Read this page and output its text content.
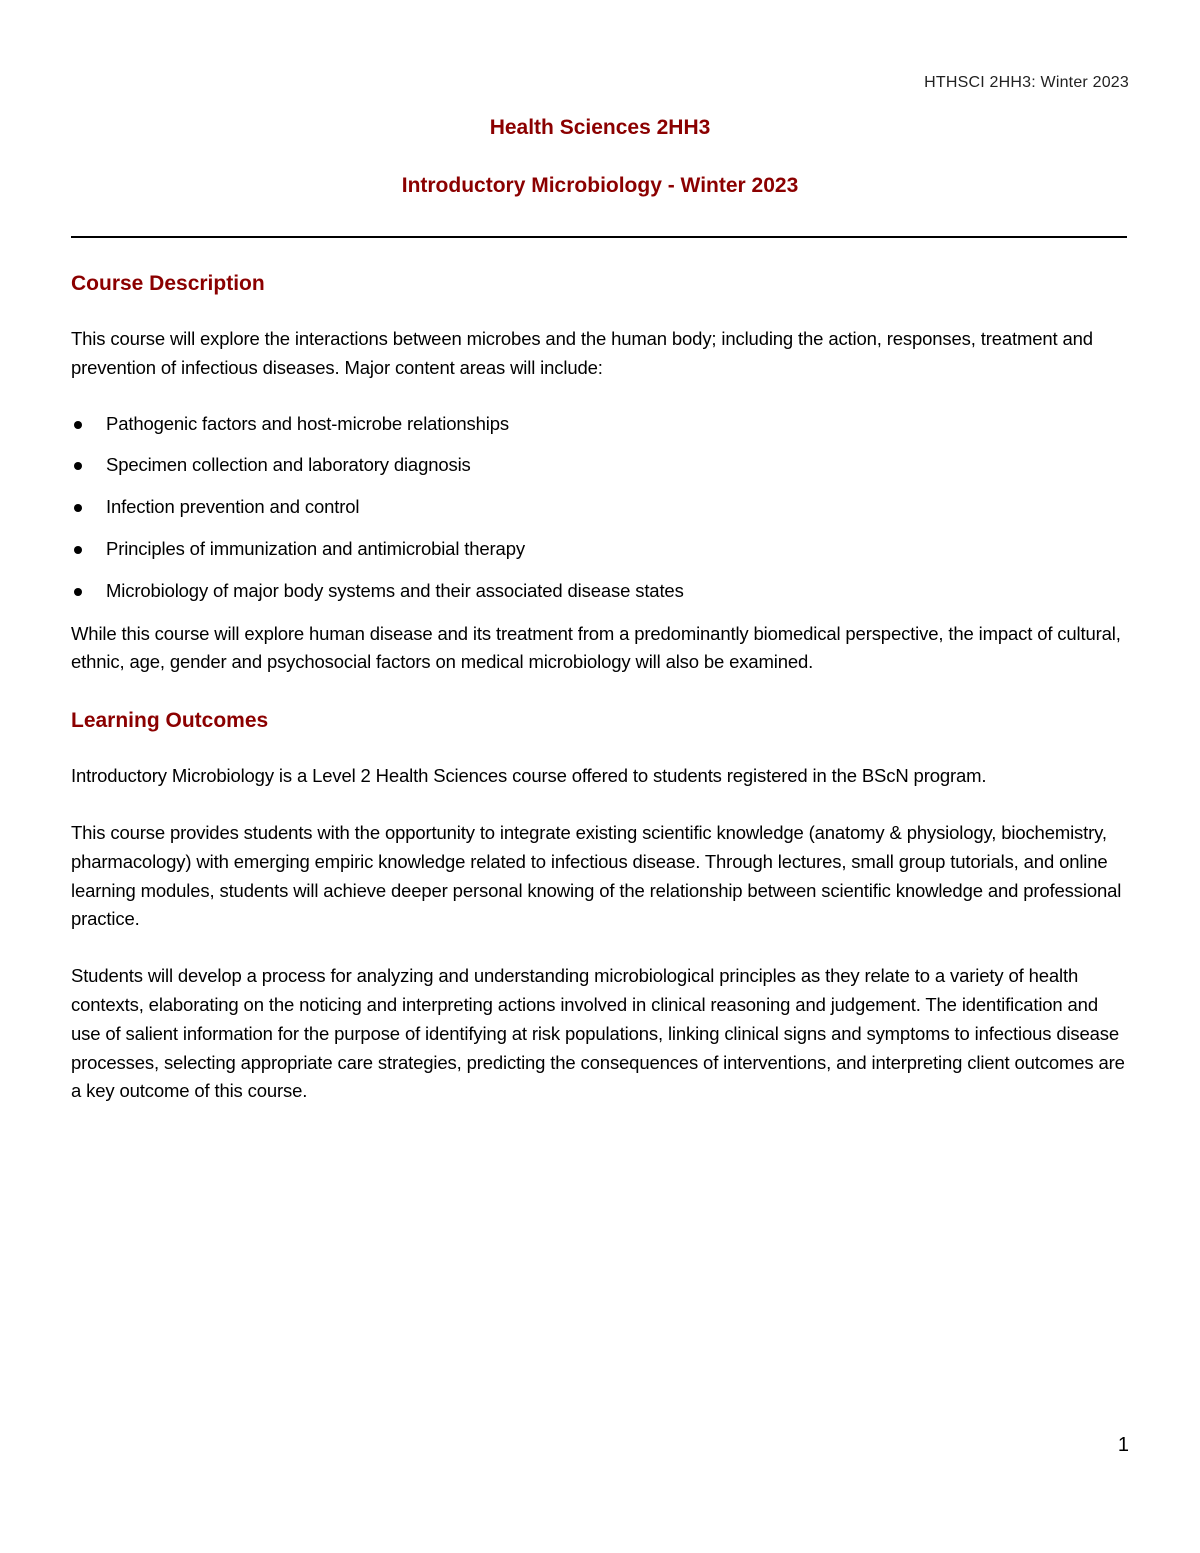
HTHSCI 2HH3: Winter 2023
Health Sciences 2HH3
Introductory Microbiology - Winter 2023
Course Description

This course will explore the interactions between microbes and the human body; including the action, responses, treatment and prevention of infectious diseases. Major content areas will include:

Pathogenic factors and host-microbe relationships
Specimen collection and laboratory diagnosis
Infection prevention and control
Principles of immunization and antimicrobial therapy
Microbiology of major body systems and their associated disease states

While this course will explore human disease and its treatment from a predominantly biomedical perspective, the impact of cultural, ethnic, age, gender and psychosocial factors on medical microbiology will also be examined.

Learning Outcomes

Introductory Microbiology is a Level 2 Health Sciences course offered to students registered in the BScN program.

This course provides students with the opportunity to integrate existing scientific knowledge (anatomy & physiology, biochemistry, pharmacology) with emerging empiric knowledge related to infectious disease. Through lectures, small group tutorials, and online learning modules, students will achieve deeper personal knowing of the relationship between scientific knowledge and professional practice.

Students will develop a process for analyzing and understanding microbiological principles as they relate to a variety of health contexts, elaborating on the noticing and interpreting actions involved in clinical reasoning and judgement. The identification and use of salient information for the purpose of identifying at risk populations, linking clinical signs and symptoms to infectious disease processes, selecting appropriate care strategies, predicting the consequences of interventions, and interpreting client outcomes are a key outcome of this course.

1
